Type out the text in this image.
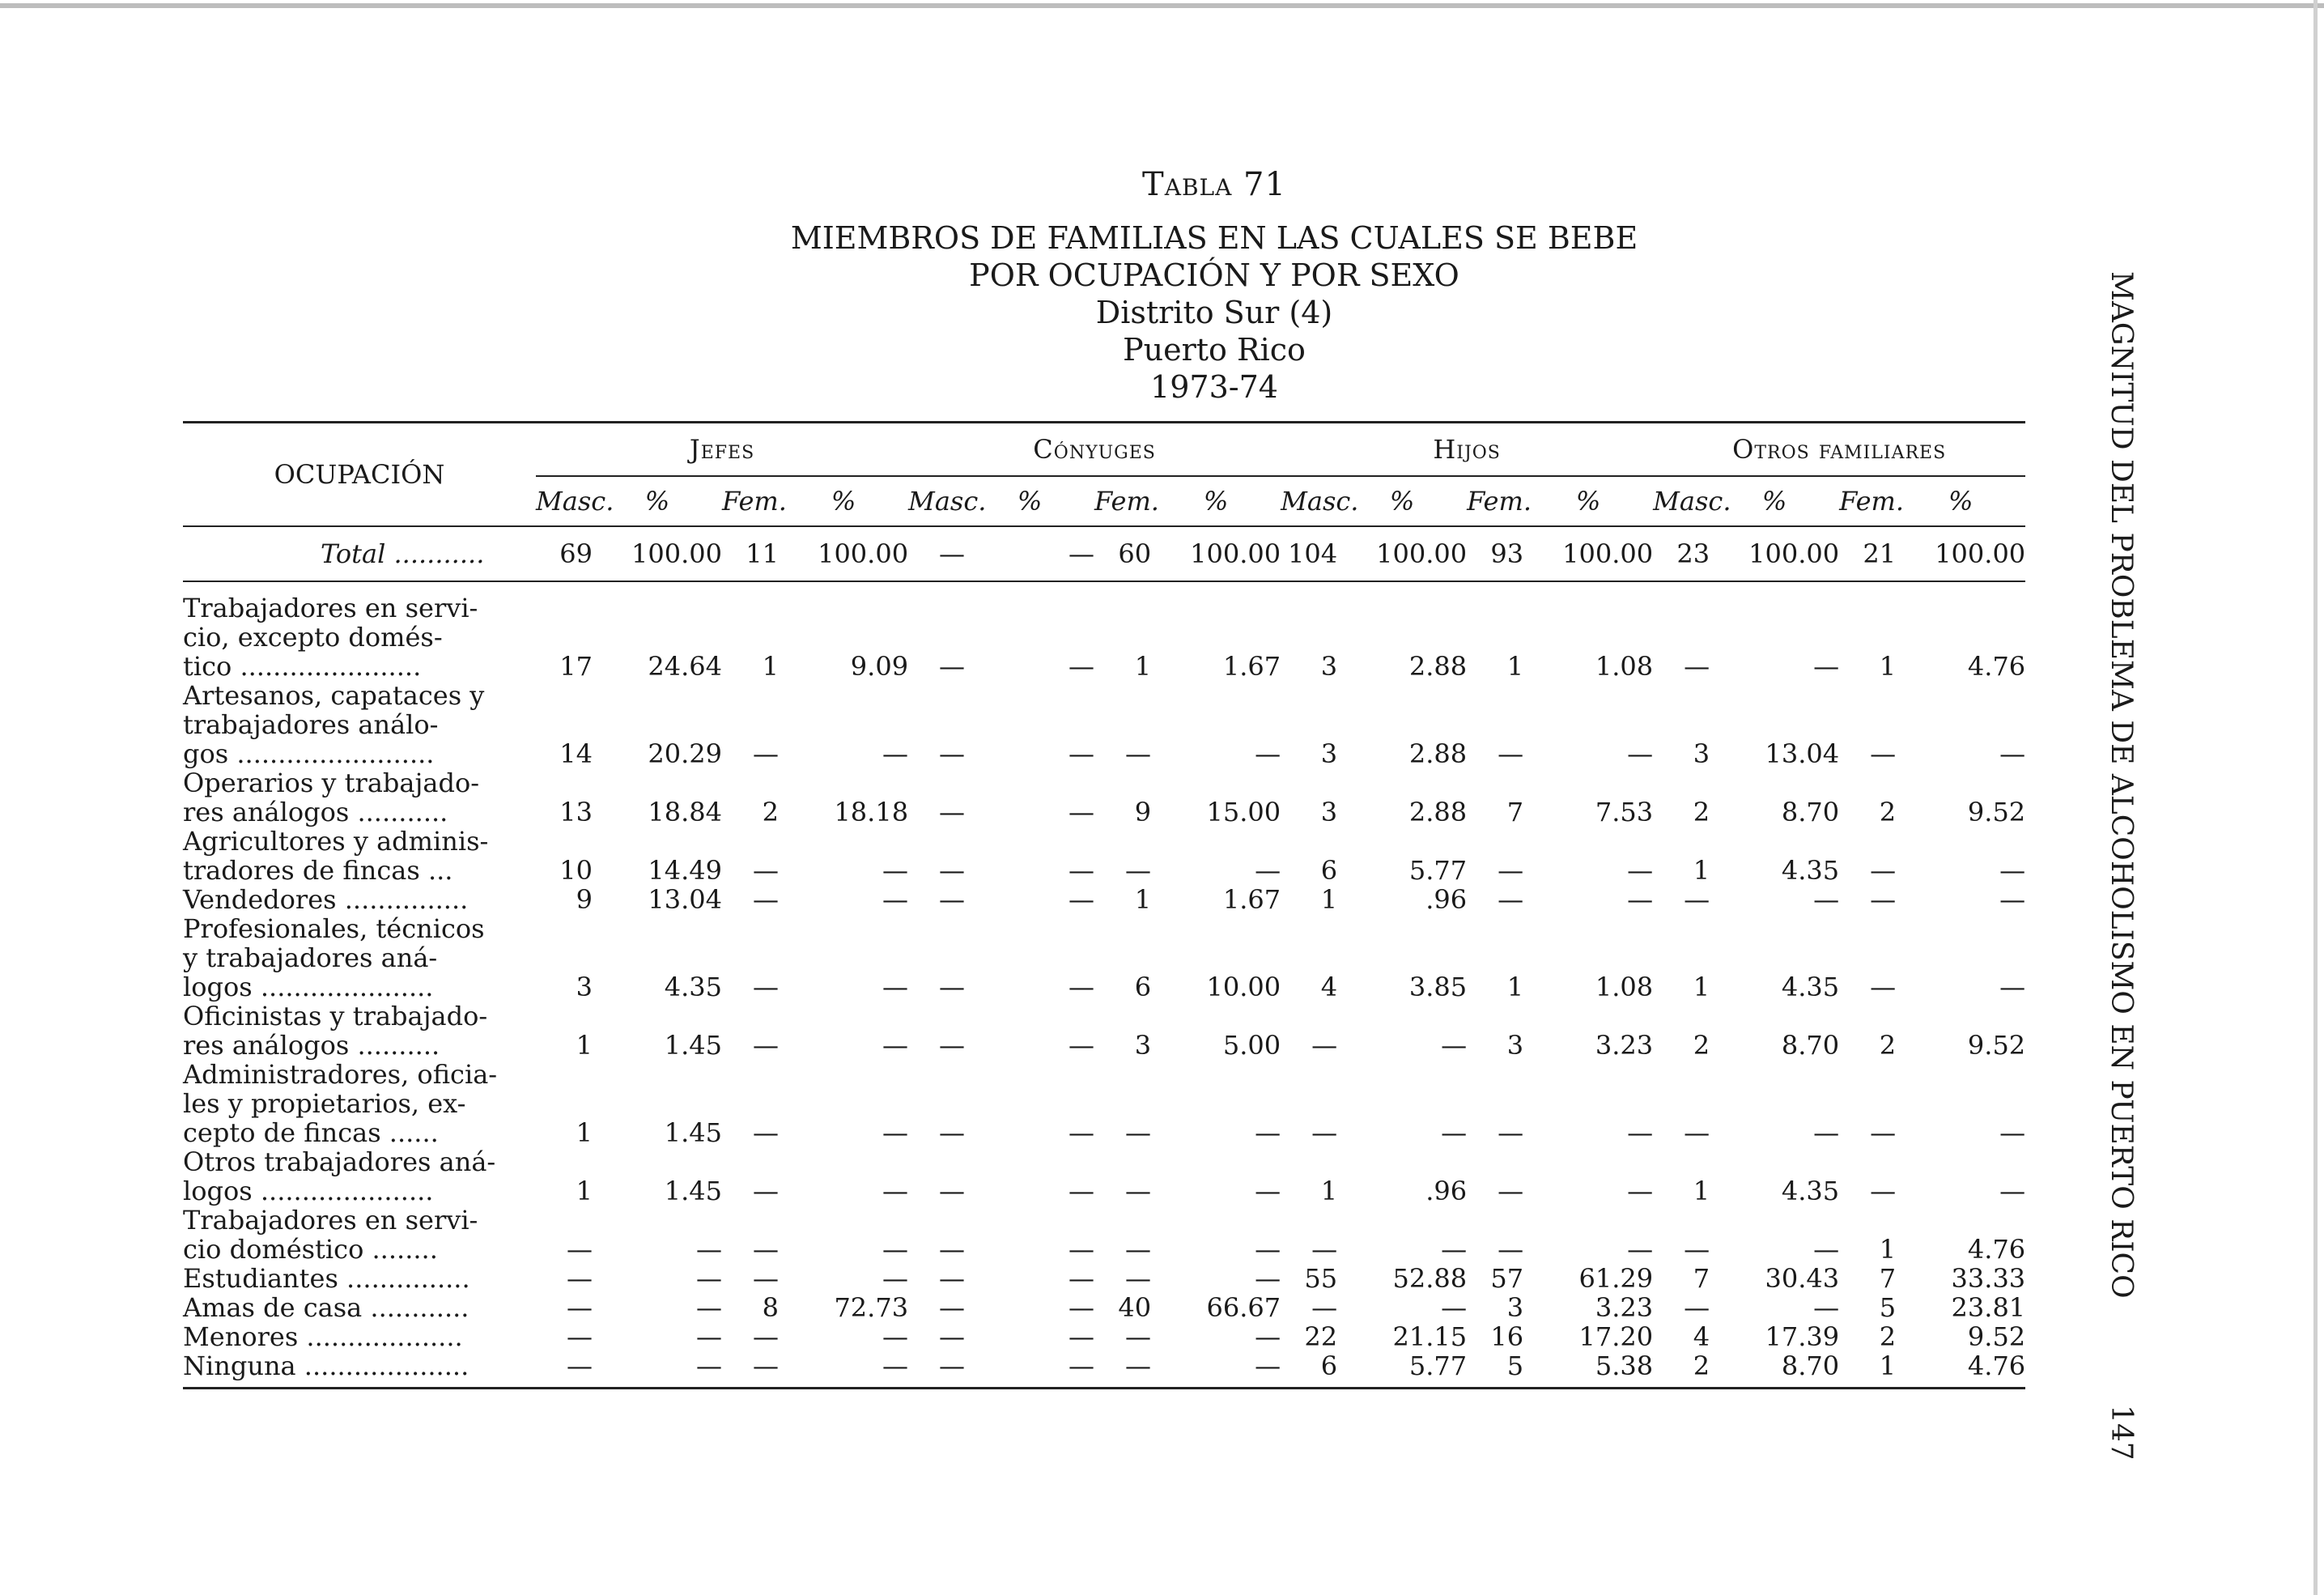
Tabla 71
MIEMBROS DE FAMILIAS EN LAS CUALES SE BEBE
POR OCUPACIÓN Y POR SEXO
Distrito Sur (4)
Puerto Rico
1973-74	MAGNITUD DEL PROBLEMA DE ALCOHOLISMO EN PUERTO RICO 147
OCUPACIÓN	Jefes				Cónyuges				Hijos				Otros familiares			
	Masc.	%	Fem.	%	Masc.	%	Fem.	%	Masc.	%	Fem.	%	Masc.	%	Fem.	%
Total ...........	69	100.00	11	100.00	—	—	60	100.00	104	100.00	93	100.00	23	100.00	21	100.00

Trabajadores en servi-
cio, excepto domés-
tico ......................	17	24.64	1	9.09	—	—	1	1.67	3	2.88	1	1.08	—	—	1	4.76

Artesanos, capataces y
trabajadores análo-
gos ........................	14	20.29	—	—	—	—	—	—	3	2.88	—	—	3	13.04	—	—

Operarios y trabajado-
res análogos ...........	13	18.84	2	18.18	—	—	9	15.00	3	2.88	7	7.53	2	8.70	2	9.52

Agricultores y adminis-
tradores de fincas ...	10	14.49	—	—	—	—	—	—	6	5.77	—	—	1	4.35	—	—

Vendedores ...............	9	13.04	—	—	—	—	1	1.67	1	.96	—	—	—	—	—	—

Profesionales, técnicos
y trabajadores aná-
logos .....................	3	4.35	—	—	—	—	6	10.00	4	3.85	1	1.08	1	4.35	—	—

Oficinistas y trabajado-
res análogos ..........	1	1.45	—	—	—	—	3	5.00	—	—	3	3.23	2	8.70	2	9.52

Administradores, oficia-
les y propietarios, ex-
cepto de fincas ......	1	1.45	—	—	—	—	—	—	—	—	—	—	—	—	—	—

Otros trabajadores aná-
logos .....................	1	1.45	—	—	—	—	—	—	1	.96	—	—	1	4.35	—	—

Trabajadores en servi-
cio doméstico ........	—	—	—	—	—	—	—	—	—	—	—	—	—	—	1	4.76

Estudiantes ...............	—	—	—	—	—	—	—	—	55	52.88	57	61.29	7	30.43	7	33.33

Amas de casa ............	—	—	8	72.73	—	—	40	66.67	—	—	3	3.23	—	—	5	23.81

Menores ...................	—	—	—	—	—	—	—	—	22	21.15	16	17.20	4	17.39	2	9.52

Ninguna ....................	—	—	—	—	—	—	—	—	6	5.77	5	5.38	2	8.70	1	4.76
